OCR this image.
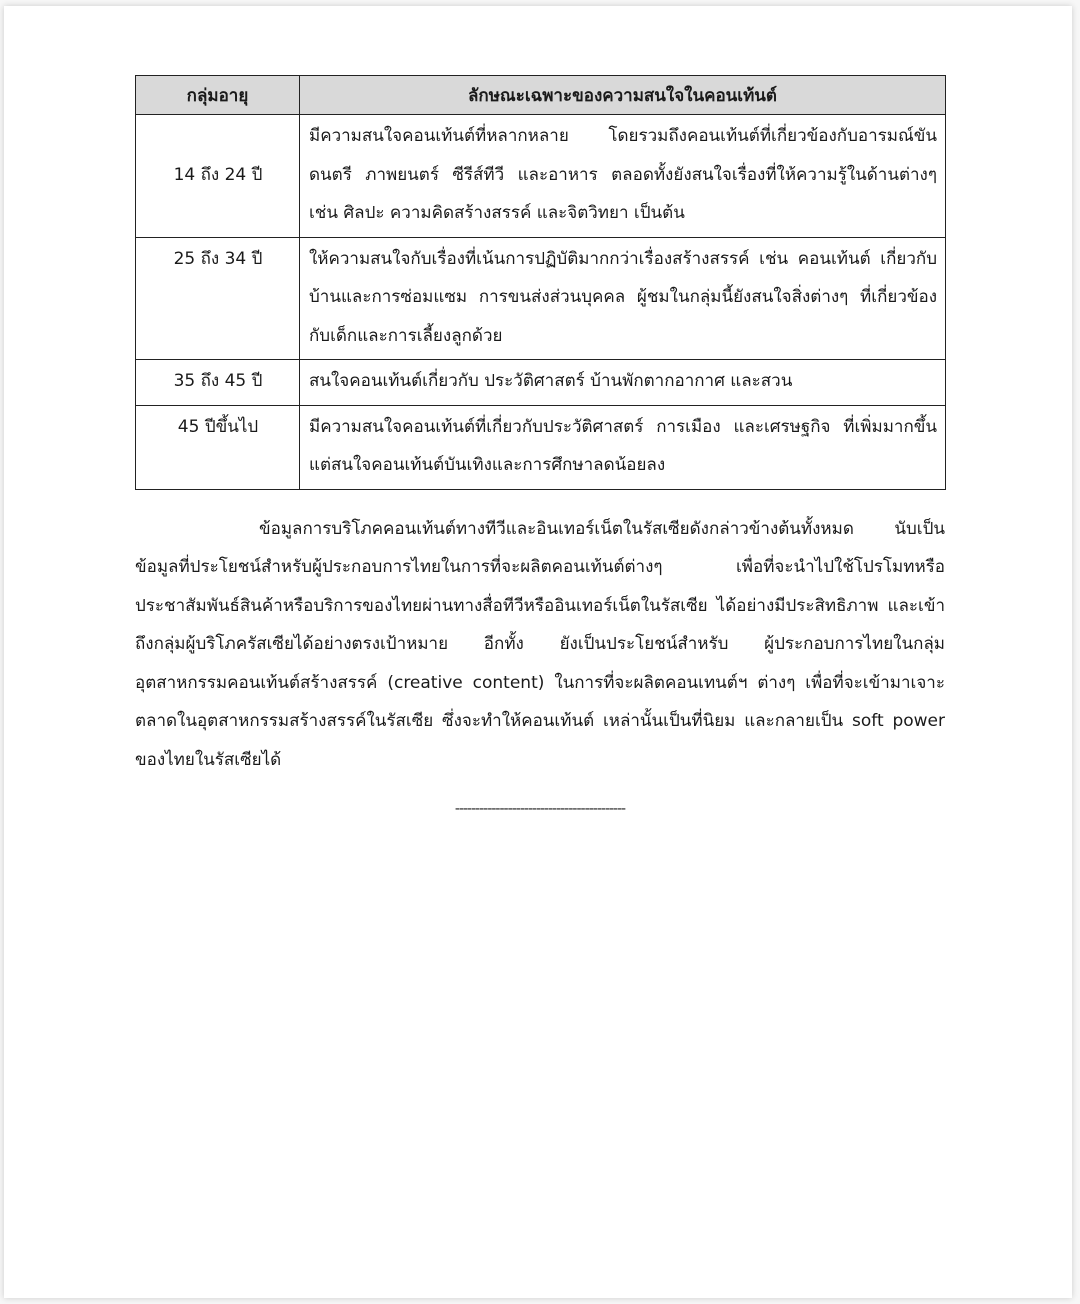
กลุ่มอายุ	ลักษณะเฉพาะของความสนใจในคอนเท้นต์
14 ถึง 24 ปี	มีความสนใจคอนเท้นต์ที่หลากหลาย โดยรวมถึงคอนเท้นต์ที่เกี่ยวข้องกับอารมณ์ขัน ดนตรี ภาพยนตร์ ซีรีส์ทีวี และอาหาร ตลอดทั้งยังสนใจเรื่องที่ให้ความรู้ในด้านต่างๆ เช่น ศิลปะ ความคิดสร้างสรรค์ และจิตวิทยา เป็นต้น
25 ถึง 34 ปี	ให้ความสนใจกับเรื่องที่เน้นการปฏิบัติมากกว่าเรื่องสร้างสรรค์ เช่น คอนเท้นต์ เกี่ยวกับบ้านและการซ่อมแซม การขนส่งส่วนบุคคล ผู้ชมในกลุ่มนี้ยังสนใจสิ่งต่างๆ ที่เกี่ยวข้องกับเด็กและการเลี้ยงลูกด้วย
35 ถึง 45 ปี	สนใจคอนเท้นต์เกี่ยวกับ ประวัติศาสตร์ บ้านพักตากอากาศ และสวน
45 ปีขึ้นไป	มีความสนใจคอนเท้นต์ที่เกี่ยวกับประวัติศาสตร์ การเมือง และเศรษฐกิจ ที่เพิ่มมากขึ้น แต่สนใจคอนเท้นต์บันเทิงและการศึกษาลดน้อยลง

ข้อมูลการบริโภคคอนเท้นต์ทางทีวีและอินเทอร์เน็ตในรัสเซียดังกล่าวข้างต้นทั้งหมด นับเป็นข้อมูลที่ประโยชน์สำหรับผู้ประกอบการไทยในการที่จะผลิตคอนเท้นต์ต่างๆ เพื่อที่จะนำไปใช้โปรโมทหรือประชาสัมพันธ์สินค้าหรือบริการของไทยผ่านทางสื่อทีวีหรืออินเทอร์เน็ตในรัสเซีย ได้อย่างมีประสิทธิภาพ และเข้าถึงกลุ่มผู้บริโภครัสเซียได้อย่างตรงเป้าหมาย อีกทั้ง ยังเป็นประโยชน์สำหรับ ผู้ประกอบการไทยในกลุ่มอุตสาหกรรมคอนเท้นต์สร้างสรรค์ (creative content) ในการที่จะผลิตคอนเทนต์ฯ ต่างๆ เพื่อที่จะเข้ามาเจาะตลาดในอุตสาหกรรมสร้างสรรค์ในรัสเซีย ซึ่งจะทำให้คอนเท้นต์ เหล่านั้นเป็นที่นิยม และกลายเป็น soft power ของไทยในรัสเซียได้

------------------------------------------
